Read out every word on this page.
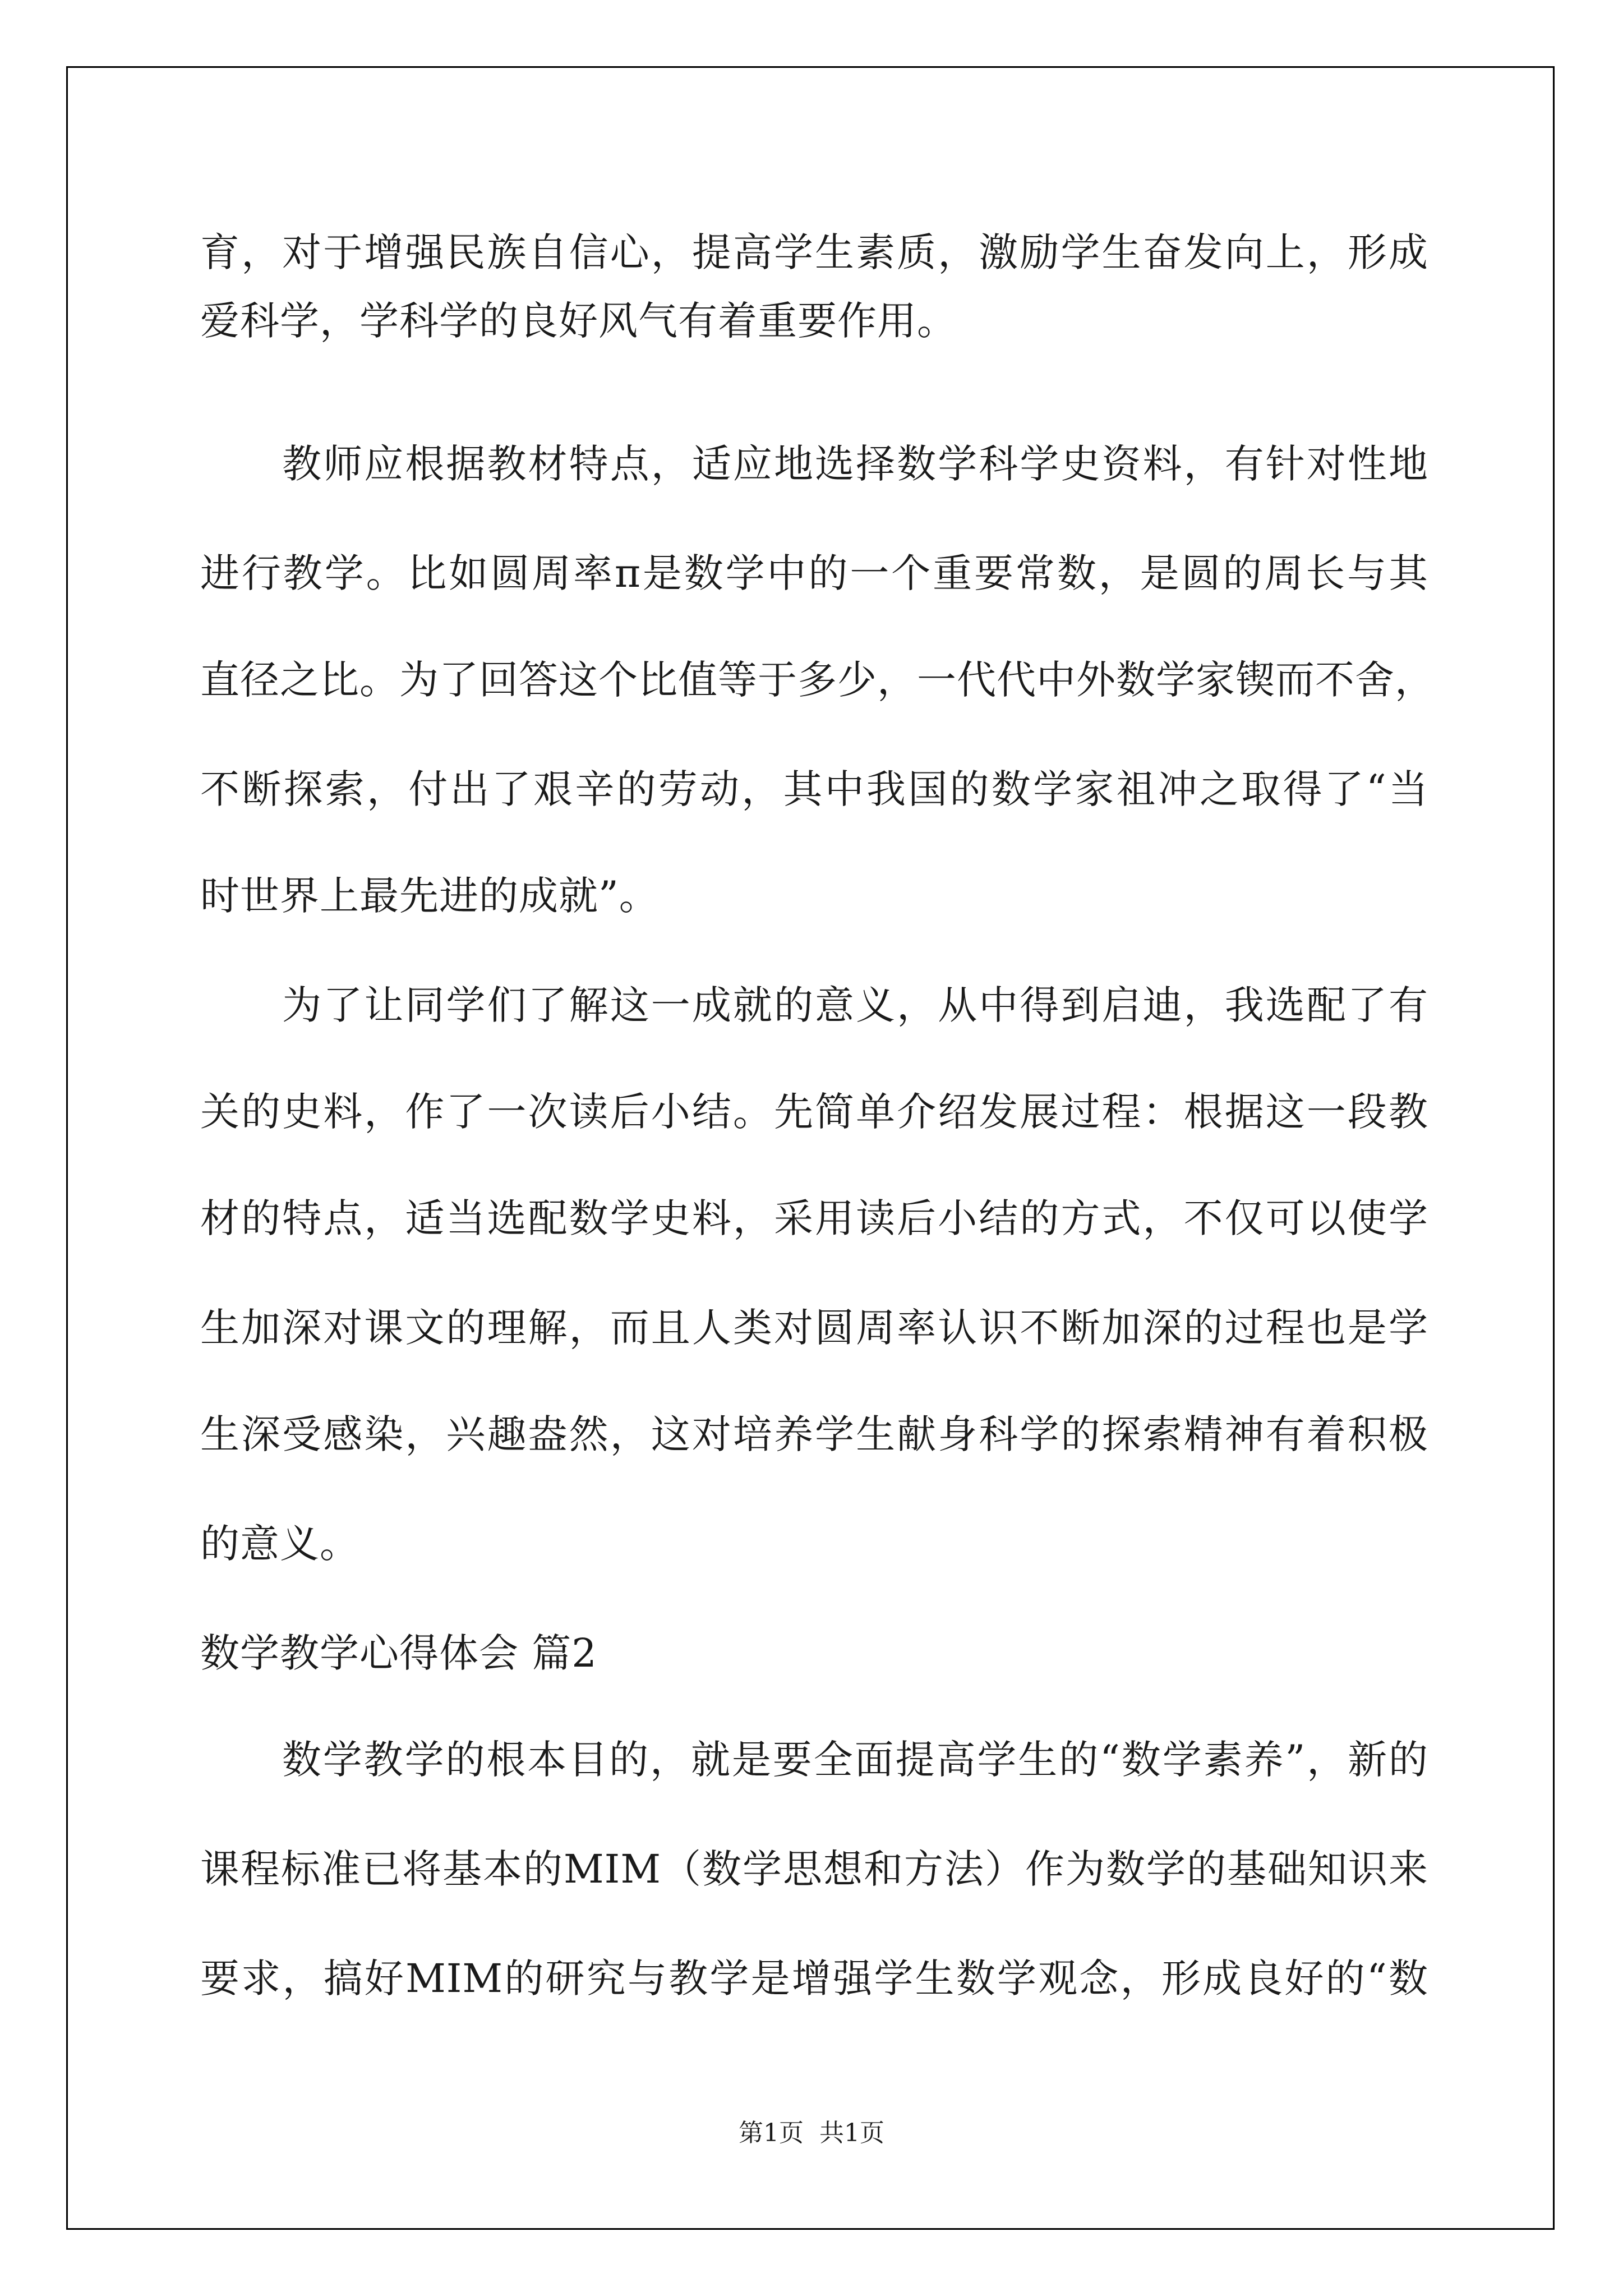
育，对于增强民族自信心，提高学生素质，激励学生奋发向上，形成
爱科学，学科学的良好风气有着重要作用。
　　教师应根据教材特点，适应地选择数学科学史资料，有针对性地
进行教学。比如圆周率π是数学中的一个重要常数，是圆的周长与其
直径之比。为了回答这个比值等于多少，一代代中外数学家锲而不舍，
不断探索，付出了艰辛的劳动，其中我国的数学家祖冲之取得了“当
时世界上最先进的成就”。
　　为了让同学们了解这一成就的意义，从中得到启迪，我选配了有
关的史料，作了一次读后小结。先简单介绍发展过程：根据这一段教
材的特点，适当选配数学史料，采用读后小结的方式，不仅可以使学
生加深对课文的理解，而且人类对圆周率认识不断加深的过程也是学
生深受感染，兴趣盎然，这对培养学生献身科学的探索精神有着积极
的意义。
数学教学心得体会 篇2
　　数学教学的根本目的，就是要全面提高学生的“数学素养”，新的
课程标准已将基本的MIM（数学思想和方法）作为数学的基础知识来
要求，搞好MIM的研究与教学是增强学生数学观念，形成良好的“数
第1页  共1页
